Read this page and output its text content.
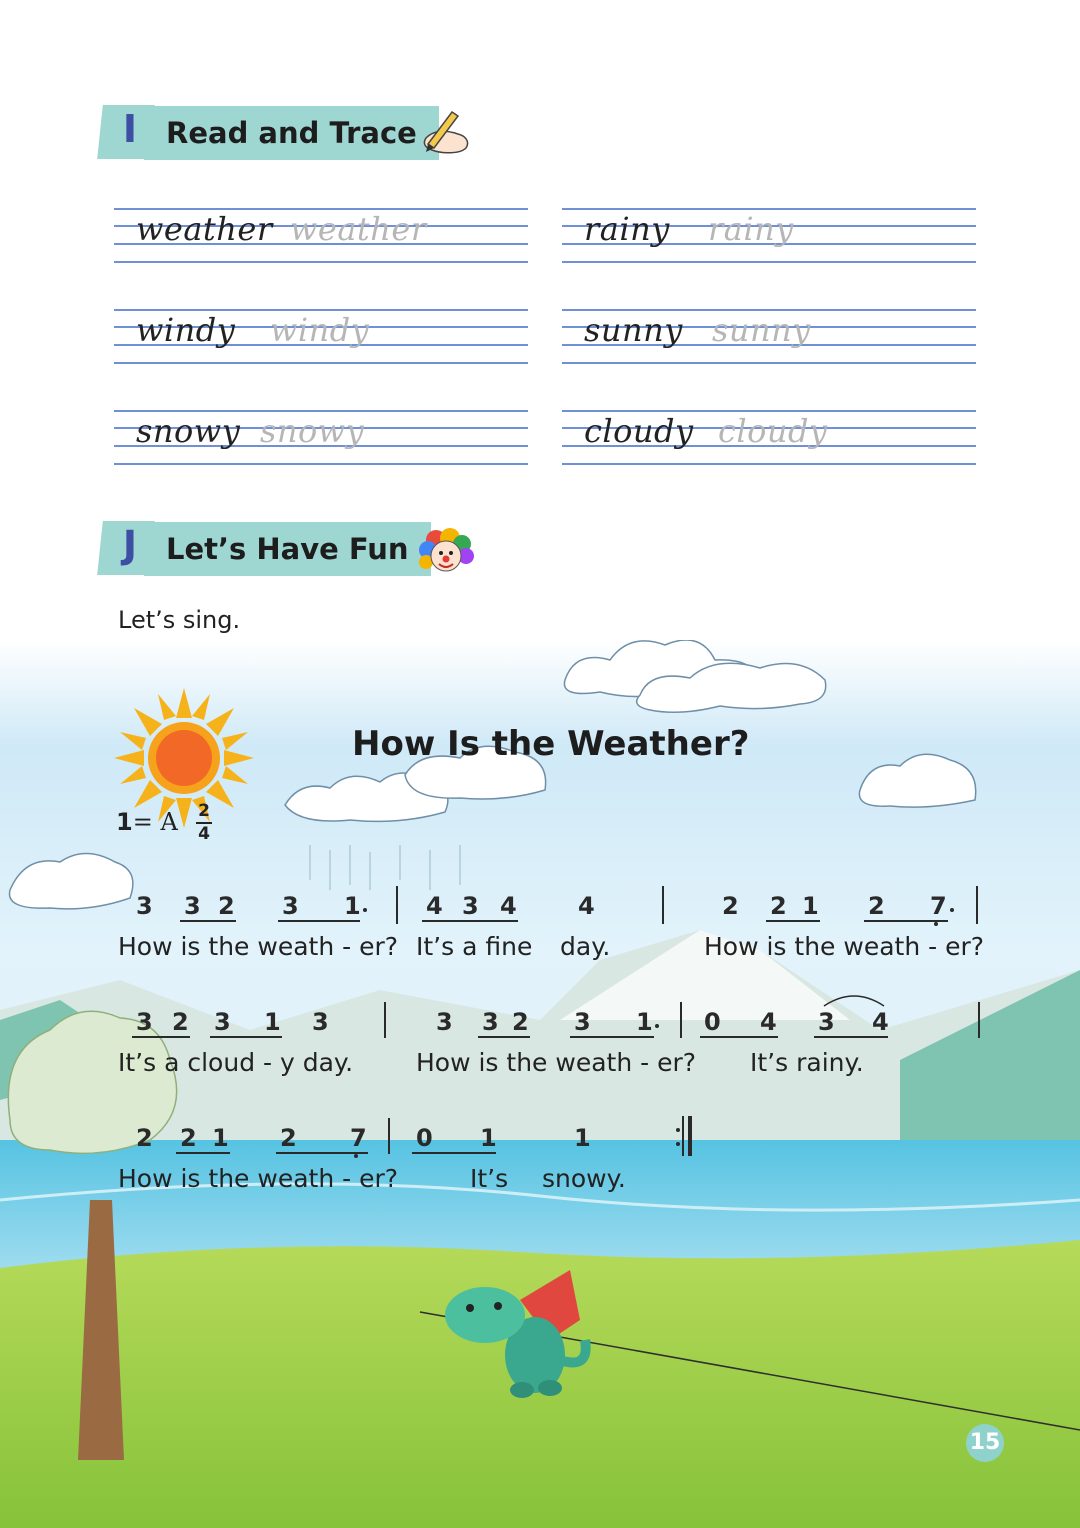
I Read and Trace
weather weather	rainy rainy
windy windy	sunny sunny
snowy snowy	cloudy cloudy
J Let’s Have Fun
Let’s sing.
How Is the Weather?
1= A 2
4
3 3 2 3 1	4 3 4	4	2 2 1 2 7
How is the weath - er? It’s a fine day.	How is the weath - er?
3 2 3 1 3	3 3 2 3 1 0 4 3 4
It’s a cloud - y day.	How is the weath - er? It’s rainy.
2 2 1 2 7 0 1	1
How is the weath - er?	It’s snowy.
15
